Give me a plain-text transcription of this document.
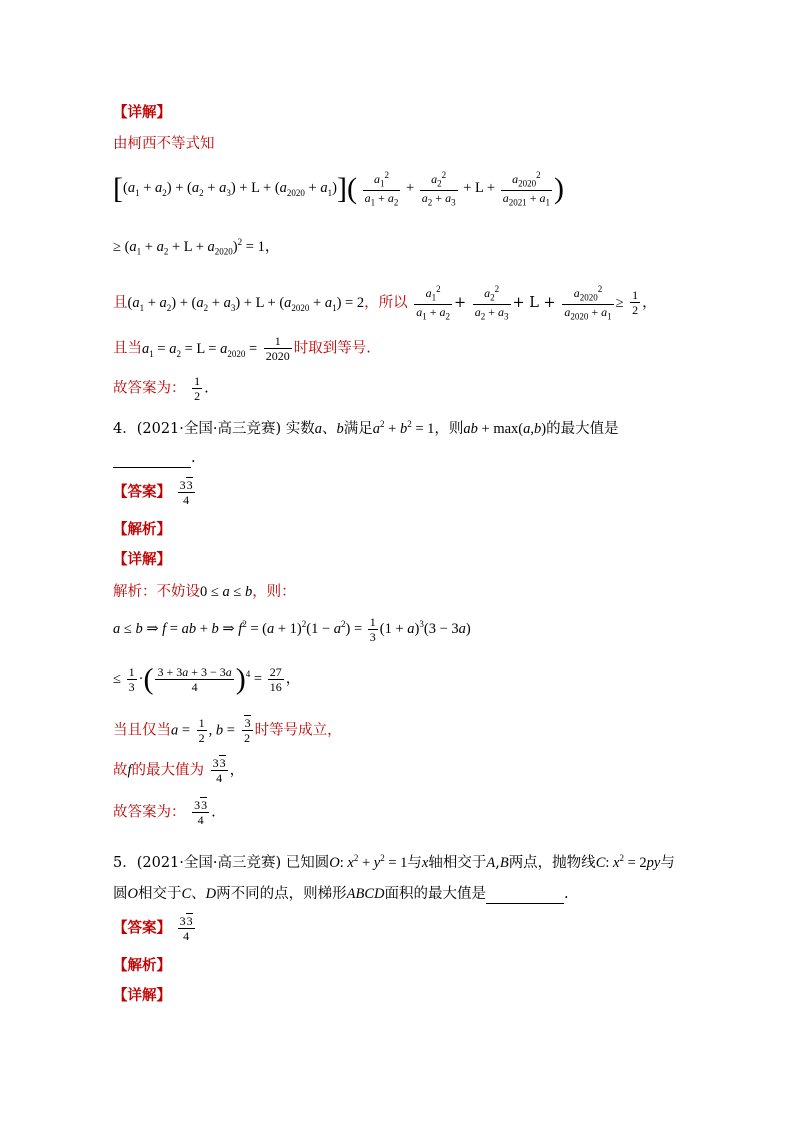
【详解】
由柯西不等式知
$[(a_1 + a_2) + (a_2 + a_3) + L + (a_{2020} + a_1)]( \frac{a_1^2}{a_1 + a_2} + \frac{a_2^2}{a_2 + a_3} + L + \frac{a_{2020}^2}{a_{2021} + a_1}$ )
≥ $(a_1 + a_2 + L + a_{2020})^2 = 1$，
且$(a_1 + a_2) + (a_2 + a_3) + L + (a_{2020} + a_1) = 2$，所以 $\frac{a_1^2}{a_1 + a_2} + \frac{a_2^2}{a_2 + a_3} + L + \frac{a_{2020}^2}{a_{2020} + a_1} \ge \frac{1}{2}$ ，
且当$a_1 = a_2 = L = a_{2020} = \frac{1}{2020}$ 时取到等号.
故答案为： $\frac{1}{2}$ .
4．(2021·全国·高三竞赛) 实数a、b满足$a^2 + b^2 = 1$，则ab + max(a,b)的最大值是
.
【答案】 $\frac{33}{4}$
【解析】
【详解】
解析：不妨设0 ≤ a ≤ b，则：
a ≤ b ⇒ f = ab + b ⇒ $f^2 = (a + 1)^2(1 - a^2) = \frac{1}{3} (1 + a)^3(3 - 3a)$
≤ $\frac{1}{3}$ ·( $\frac{3 + 3a + 3 - 3a}{4} )^4 = \frac{27}{16}$ ，
当且仅当$a = \frac{1}{2}$ , $b = \frac{3}{2}$ 时等号成立，
故f的最大值为 $\frac{33}{4}$ ，
故答案为： $\frac{33}{4}$ .
5．(2021·全国·高三竞赛) 已知圆O: $x^2 + y^2 = 1$与x轴相交于A,B两点，抛物线C: $x^2 = 2py$与
圆O相交于C、D两不同的点，则梯形ABCD面积的最大值是	.
【答案】 $\frac{33}{4}$
【解析】
【详解】
